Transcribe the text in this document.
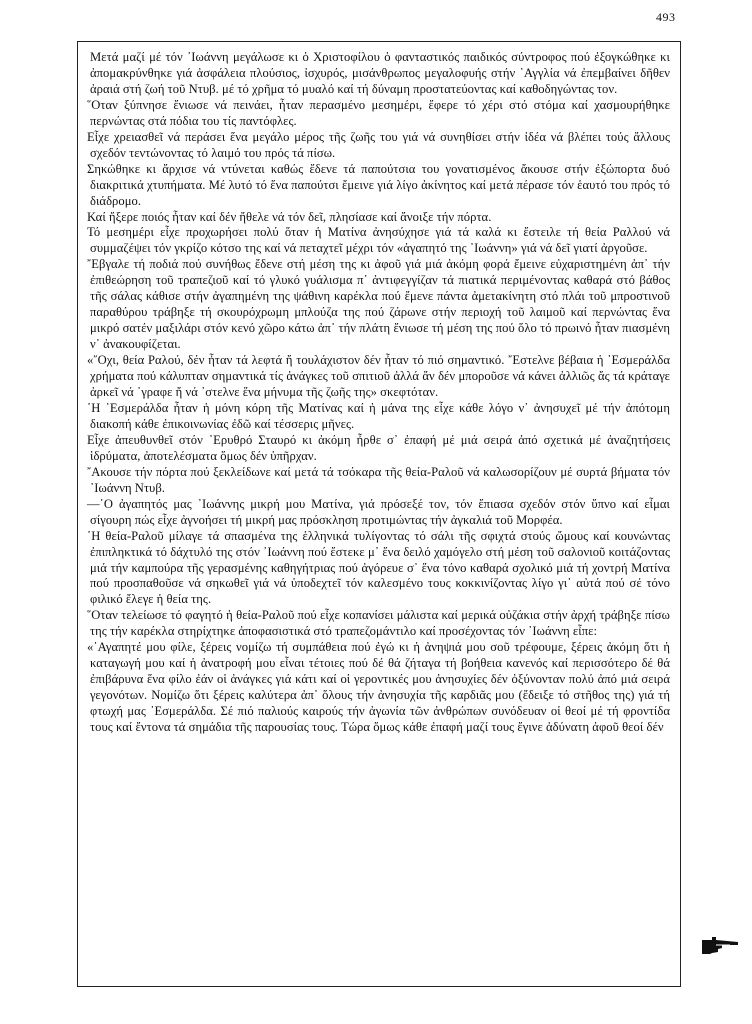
493

Μετά μαζί μέ τόν ᾿Ιωάννη μεγάλωσε κι ὁ Χριστοφίλου ὁ φανταστικός παιδικός σύντροφος πού ἐξογκώθηκε κι ἀπομακρύνθηκε γιά ἀσφάλεια πλούσιος, ἰσχυρός, μισάνθρωπος μεγαλοφυής στήν ᾿Αγγλία νά ἐπεμβαίνει δῆθεν ἀραιά στή ζωή τοῦ Ντυβ. μέ τό χρῆμα τό μυαλό καί τή δύναμη προστατεύοντας καί καθοδηγώντας τον.

῞Οταν ξύπνησε ἔνιωσε νά πεινάει, ἦταν περασμένο μεσημέρι, ἔφερε τό χέρι στό στόμα καί χασμουρήθηκε περνώντας στά πόδια του τίς παντόφλες.

Εἶχε χρειασθεῖ νά περάσει ἕνα μεγάλο μέρος τῆς ζωῆς του γιά νά συνηθίσει στήν ἰδέα νά βλέπει τούς ἄλλους σχεδόν τεντώνοντας τό λαιμό του πρός τά πίσω.

Σηκώθηκε κι ἄρχισε νά ντύνεται καθώς ἔδενε τά παπούτσια του γονατισμένος ἄκουσε στήν ἐξώπορτα δυό διακριτικά χτυπήματα. Μέ λυτό τό ἕνα παπούτσι ἔμεινε γιά λίγο ἀκίνητος καί μετά πέρασε τόν ἑαυτό του πρός τό διάδρομο.

Καί ἤξερε ποιός ἦταν καί δέν ἤθελε νά τόν δεῖ, πλησίασε καί ἄνοιξε τήν πόρτα.

Τό μεσημέρι εἶχε προχωρήσει πολύ ὅταν ἡ Ματίνα ἀνησύχησε γιά τά καλά κι ἔστειλε τή θεία Ραλλού νά συμμαζέψει τόν γκρίζο κότσο της καί νά πεταχτεῖ μέχρι τόν «ἀγαπητό της ᾿Ιωάννη» γιά νά δεῖ γιατί ἀργοῦσε.

῎Εβγαλε τή ποδιά πού συνήθως ἔδενε στή μέση της κι ἀφοῦ γιά μιά ἀκόμη φορά ἔμεινε εὐχαριστημένη ἀπ᾿ τήν ἐπιθεώρηση τοῦ τραπεζιοῦ καί τό γλυκό γυάλισμα π᾿ ἀντιφεγγίζαν τά πιατικά περιμένοντας καθαρά στό βάθος τῆς σάλας κάθισε στήν ἀγαπημένη της ψάθινη καρέκλα πού ἔμενε πάντα ἀμετακίνητη στό πλάι τοῦ μπροστινοῦ παραθύρου τράβηξε τή σκουρόχρωμη μπλούζα της πού ζάρωνε στήν περιοχή τοῦ λαιμοῦ καί περνώντας ἕνα μικρό σατέν μαξιλάρι στόν κενό χῶρο κάτω ἀπ᾿ τήν πλάτη ἔνιωσε τή μέση της πού ὅλο τό πρωινό ἦταν πιασμένη ν᾿ ἀνακουφίζεται.

«῎Οχι, θεία Ραλού, δέν ἦταν τά λεφτά ἤ τουλάχιστον δέν ἦταν τό πιό σημαντικό. ῎Εστελνε βέβαια ἡ ᾿Εσμεράλδα χρήματα πού κάλυπταν σημαντικά τίς ἀνάγκες τοῦ σπιτιοῦ ἀλλά ἄν δέν μποροῦσε νά κάνει ἀλλιῶς ἄς τά κράταγε ἀρκεῖ νά ᾿γραφε ἤ νά ᾿στελνε ἕνα μήνυμα τῆς ζωῆς της» σκεφτόταν.

῾Η ᾿Εσμεράλδα ἦταν ἡ μόνη κόρη τῆς Ματίνας καί ἡ μάνα της εἶχε κάθε λόγο ν᾿ ἀνησυχεῖ μέ τήν ἀπότομη διακοπή κάθε ἐπικοινωνίας ἐδῶ καί τέσσερις μῆνες.

Εἶχε ἀπευθυνθεῖ στόν ᾿Ερυθρό Σταυρό κι ἀκόμη ἦρθε σ᾿ ἐπαφή μέ μιά σειρά ἀπό σχετικά μέ ἀναζητήσεις ἱδρύματα, ἀποτελέσματα ὅμως δέν ὑπῆρχαν.

῎Ακουσε τήν πόρτα πού ξεκλείδωνε καί μετά τά τσόκαρα τῆς θεία-Ραλοῦ νά καλωσορίζουν μέ συρτά βήματα τόν ᾿Ιωάννη Ντυβ.

—῾Ο ἀγαπητός μας ᾿Ιωάννης μικρή μου Ματίνα, γιά πρόσεξέ τον, τόν ἔπιασα σχεδόν στόν ὕπνο καί εἶμαι σίγουρη πώς εἶχε ἀγνοήσει τή μικρή μας πρόσκληση προτιμώντας τήν ἀγκαλιά τοῦ Μορφέα.

῾Η θεία-Ραλοῦ μίλαγε τά σπασμένα της ἑλληνικά τυλίγοντας τό σάλι τῆς σφιχτά στούς ὤμους καί κουνώντας ἐπιπληκτικά τό δάχτυλό της στόν ᾿Ιωάννη πού ἔστεκε μ᾿ ἕνα δειλό χαμόγελο στή μέση τοῦ σαλονιοῦ κοιτάζοντας μιά τήν καμπούρα τῆς γερασμένης καθηγήτριας πού ἀγόρευε σ᾿ ἕνα τόνο καθαρά σχολικό μιά τή χοντρή Ματίνα πού προσπαθοῦσε νά σηκωθεῖ γιά νά ὑποδεχτεῖ τόν καλεσμένο τους κοκκινίζοντας λίγο γι᾿ αὐτά πού σέ τόνο φιλικό ἔλεγε ἡ θεία της.

῞Οταν τελείωσε τό φαγητό ἡ θεία-Ραλοῦ πού εἶχε κοπανίσει μάλιστα καί μερικά οὐζάκια στήν ἀρχή τράβηξε πίσω της τήν καρέκλα στηρίχτηκε ἀποφασιστικά στό τραπεζομάντιλο καί προσέχοντας τόν ᾿Ιωάννη εἶπε:

«᾿Αγαπητέ μου φίλε, ξέρεις νομίζω τή συμπάθεια πού ἐγώ κι ἡ ἀνηψιά μου σοῦ τρέφουμε, ξέρεις ἀκόμη ὅτι ἡ καταγωγή μου καί ἡ ἀνατροφή μου εἶναι τέτοιες πού δέ θά ζήταγα τή βοήθεια κανενός καί περισσότερο δέ θά ἐπιβάρυνα ἕνα φίλο ἐάν οἱ ἀνάγκες γιά κάτι καί οἱ γεροντικές μου ἀνησυχίες δέν ὀξύνονταν πολύ ἀπό μιά σειρά γεγονότων. Νομίζω ὅτι ξέρεις καλύτερα ἀπ᾿ ὅλους τήν ἀνησυχία τῆς καρδιᾶς μου (ἔδειξε τό στῆθος της) γιά τή φτωχή μας ᾿Εσμεράλδα. Σέ πιό παλιούς καιρούς τήν ἀγωνία τῶν ἀνθρώπων συνόδευαν οἱ θεοί μέ τή φροντίδα τους καί ἔντονα τά σημάδια τῆς παρουσίας τους. Τώρα ὅμως κάθε ἐπαφή μαζί τους ἔγινε ἀδύνατη ἀφοῦ θεοί δέν
